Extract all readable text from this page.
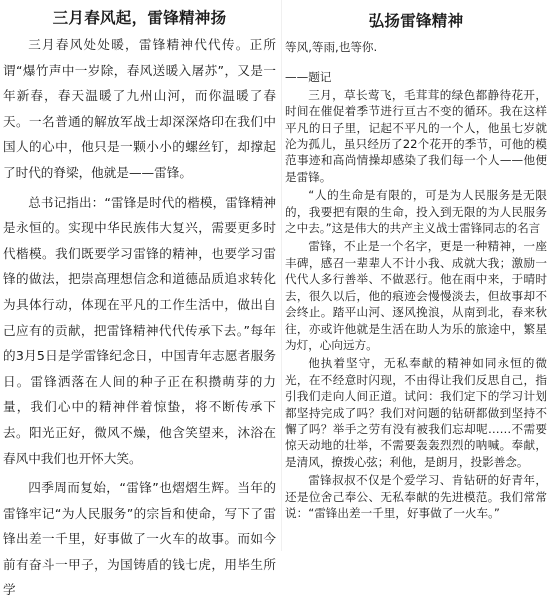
三月春风起，雷锋精神扬

三月春风处处暖，雷锋精神代代传。正所谓“爆竹声中一岁除，春风送暖入屠苏”，又是一年新春，春天温暖了九州山河，而你温暖了春天。一名普通的解放军战士却深深烙印在我们中国人的心中，他只是一颗小小的螺丝钉，却撑起了时代的脊梁，他就是——雷锋。

总书记指出：“雷锋是时代的楷模，雷锋精神是永恒的。实现中华民族伟大复兴，需要更多时代楷模。我们既要学习雷锋的精神，也要学习雷锋的做法，把崇高理想信念和道德品质追求转化为具体行动，体现在平凡的工作生活中，做出自己应有的贡献，把雷锋精神代代传承下去。”每年的3月5日是学雷锋纪念日，中国青年志愿者服务日。雷锋洒落在人间的种子正在积攒萌芽的力量，我们心中的精神伴着惊蛰，将不断传承下去。阳光正好，微风不燥，他含笑望来，沐浴在春风中我们也开怀大笑。

四季周而复始，“雷锋”也熠熠生辉。当年的雷锋牢记“为人民服务”的宗旨和使命，写下了雷锋出差一千里，好事做了一火车的故事。而如今前有奋斗一甲子，为国铸盾的钱七虎，用毕生所学

弘扬雷锋精神

等风,等雨,也等你.

——题记

三月，草长莺飞，毛茸茸的绿色都静待花开，时间在催促着季节进行亘古不变的循环。我在这样平凡的日子里，记起不平凡的一个人，他虽七岁就沦为孤儿，虽只经历了22个花开的季节，可他的模范事迹和高尚情操却感染了我们每一个人——他便是雷锋。

“人的生命是有限的，可是为人民服务是无限的，我要把有限的生命，投入到无限的为人民服务之中去。”这是伟大的共产主义战士雷锋同志的名言

雷锋，不止是一个名字，更是一种精神，一座丰碑，感召一辈辈人不计小我、成就大我；激励一代代人多行善举、不做恶行。他在雨中来，于晴时去，很久以后，他的痕迹会慢慢淡去，但故事却不会终止。踏平山河、逐风挽浪，从南到北，春来秋往，亦或许他就是生活在助人为乐的旅途中，繁星为灯，心向远方。

他执着坚守，无私奉献的精神如同永恒的微光，在不经意时闪现，不由得让我们反思自己，指引我们走向人间正道。试问：我们定下的学习计划都坚持完成了吗？我们对问题的钻研都做到坚持不懈了吗？举手之劳有没有被我们忘却呢……不需要惊天动地的壮举，不需要轰轰烈烈的呐喊。奉献，是清风，撩拨心弦；利他，是朗月，投影善念。

雷锋叔叔不仅是个爱学习、肯钻研的好青年，还是位舍己奉公、无私奉献的先进模范。我们常常说：“雷锋出差一千里，好事做了一火车。”
